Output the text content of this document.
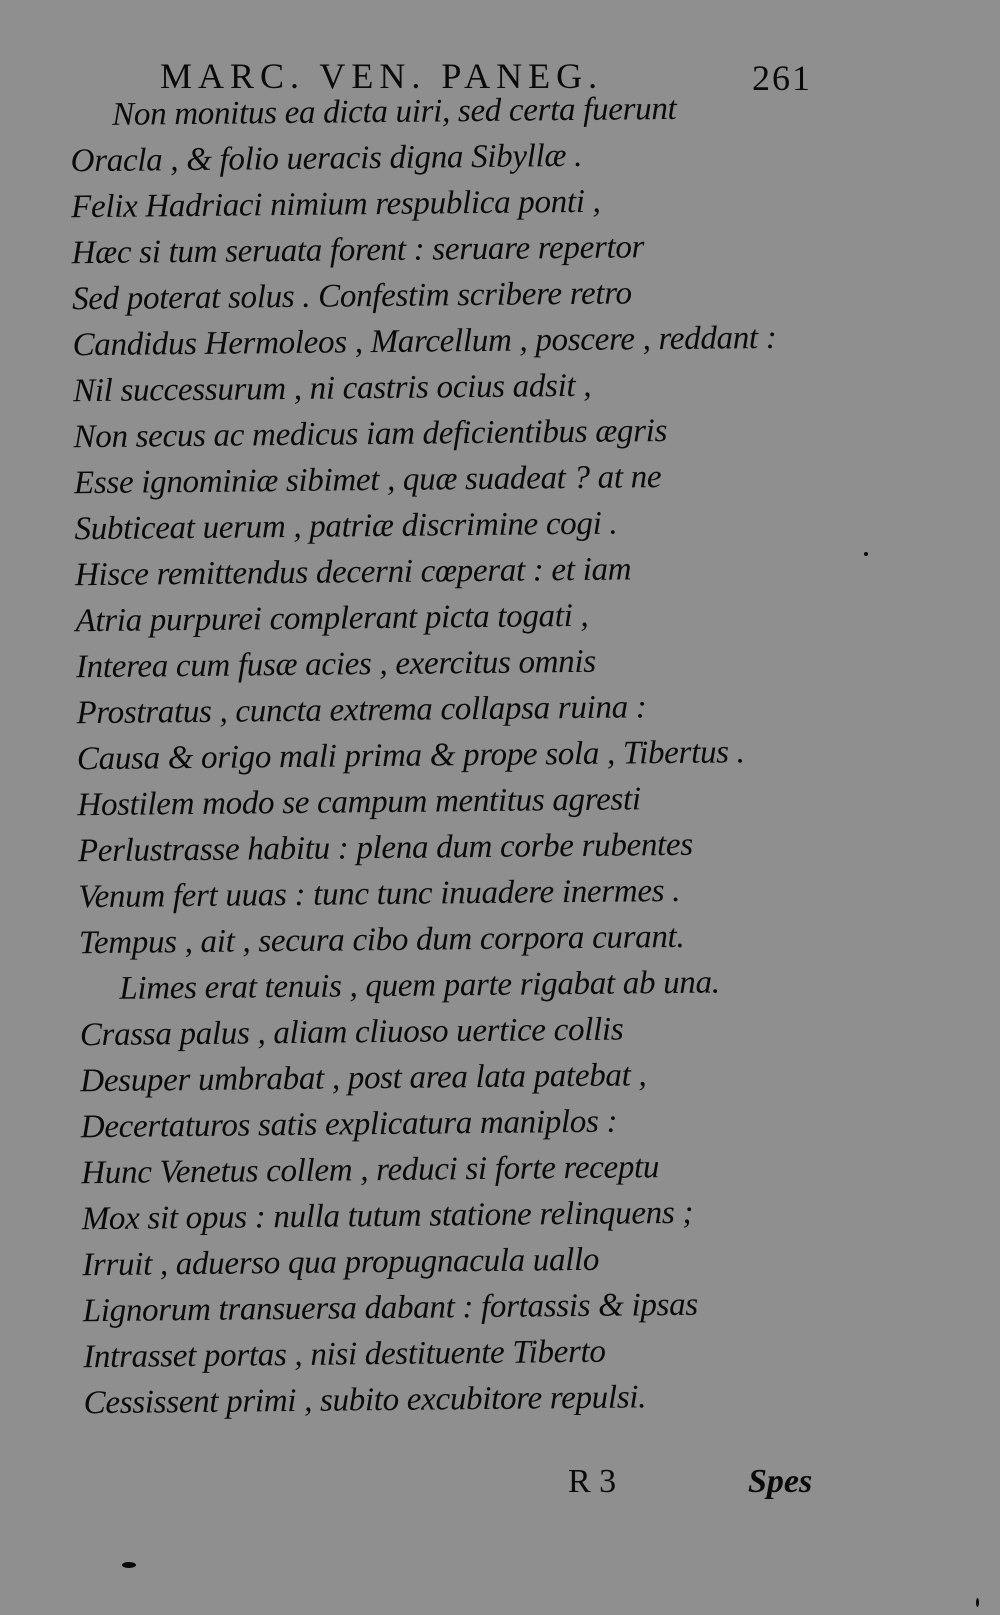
MARC. VEN. PANEG.	261
Non monitus ea dicta uiri, sed certa fuerunt
Oracla , & folio ueracis digna Sibyllæ .
Felix Hadriaci nimium respublica ponti ,
Hæc si tum seruata forent : seruare repertor
Sed poterat solus . Confestim scribere retro
Candidus Hermoleos , Marcellum , poscere , reddant :
Nil successurum , ni castris ocius adsit ,
Non secus ac medicus iam deficientibus ægris
Esse ignominiæ sibimet , quæ suadeat ? at ne
Subticeat uerum , patriæ discrimine cogi .
Hisce remittendus decerni cœperat : et iam
Atria purpurei complerant picta togati ,
Interea cum fusæ acies , exercitus omnis
Prostratus , cuncta extrema collapsa ruina :
Causa & origo mali prima & prope sola , Tibertus .
Hostilem modo se campum mentitus agresti
Perlustrasse habitu : plena dum corbe rubentes
Venum fert uuas : tunc tunc inuadere inermes .
Tempus , ait , secura cibo dum corpora curant.
Limes erat tenuis , quem parte rigabat ab una.
Crassa palus , aliam cliuoso uertice collis
Desuper umbrabat , post area lata patebat ,
Decertaturos satis explicatura maniplos :
Hunc Venetus collem , reduci si forte receptu
Mox sit opus : nulla tutum statione relinquens ;
Irruit , aduerso qua propugnacula uallo
Lignorum transuersa dabant : fortassis & ipsas
Intrasset portas , nisi destituente Tiberto
Cessissent primi , subito excubitore repulsi.
R 3	Spes
